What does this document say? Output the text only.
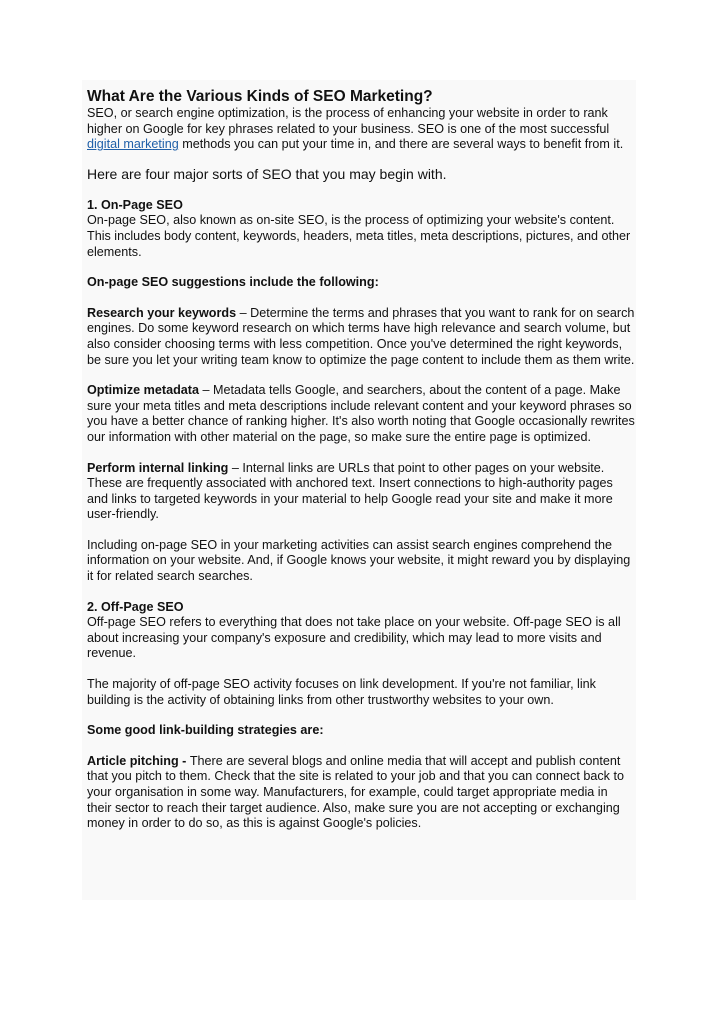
What Are the Various Kinds of SEO Marketing?

SEO, or search engine optimization, is the process of enhancing your website in order to rank higher on Google for key phrases related to your business. SEO is one of the most successful digital marketing methods you can put your time in, and there are several ways to benefit from it.

Here are four major sorts of SEO that you may begin with.

1. On-Page SEO

On-page SEO, also known as on-site SEO, is the process of optimizing your website's content. This includes body content, keywords, headers, meta titles, meta descriptions, pictures, and other elements.

On-page SEO suggestions include the following:

Research your keywords – Determine the terms and phrases that you want to rank for on search engines. Do some keyword research on which terms have high relevance and search volume, but also consider choosing terms with less competition. Once you've determined the right keywords, be sure you let your writing team know to optimize the page content to include them as them write.

Optimize metadata – Metadata tells Google, and searchers, about the content of a page. Make sure your meta titles and meta descriptions include relevant content and your keyword phrases so you have a better chance of ranking higher. It's also worth noting that Google occasionally rewrites our information with other material on the page, so make sure the entire page is optimized.

Perform internal linking – Internal links are URLs that point to other pages on your website. These are frequently associated with anchored text. Insert connections to high-authority pages and links to targeted keywords in your material to help Google read your site and make it more user-friendly.

Including on-page SEO in your marketing activities can assist search engines comprehend the information on your website. And, if Google knows your website, it might reward you by displaying it for related search searches.

2. Off-Page SEO

Off-page SEO refers to everything that does not take place on your website. Off-page SEO is all about increasing your company's exposure and credibility, which may lead to more visits and revenue.

The majority of off-page SEO activity focuses on link development. If you're not familiar, link building is the activity of obtaining links from other trustworthy websites to your own.

Some good link-building strategies are:

Article pitching - There are several blogs and online media that will accept and publish content that you pitch to them. Check that the site is related to your job and that you can connect back to your organisation in some way. Manufacturers, for example, could target appropriate media in their sector to reach their target audience. Also, make sure you are not accepting or exchanging money in order to do so, as this is against Google's policies.
